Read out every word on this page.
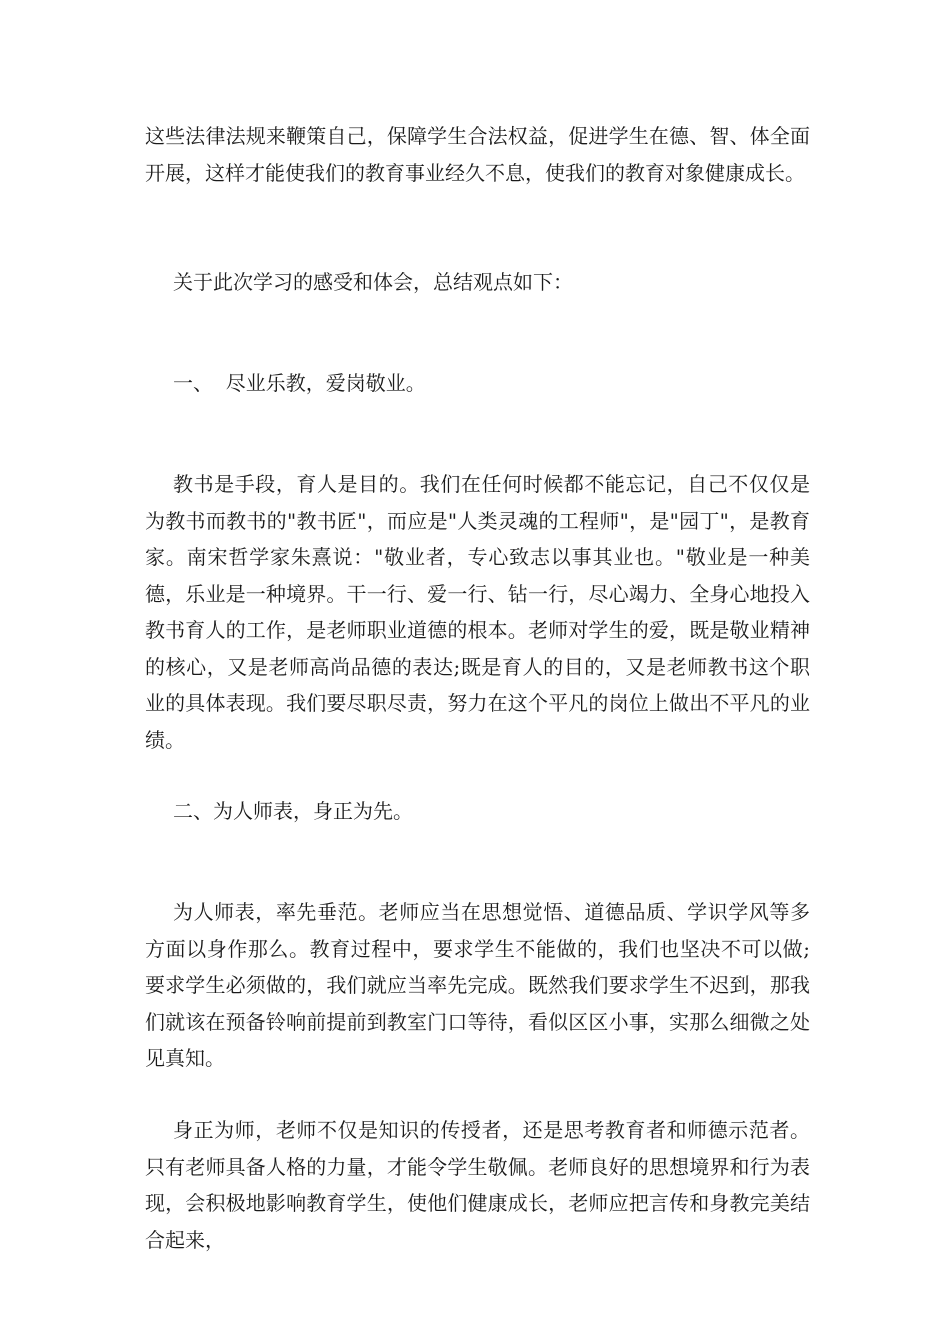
这些法律法规来鞭策自己，保障学生合法权益，促进学生在德、智、体全面开展，这样才能使我们的教育事业经久不息，使我们的教育对象健康成长。

关于此次学习的感受和体会，总结观点如下：

一、  尽业乐教，爱岗敬业。

教书是手段，育人是目的。我们在任何时候都不能忘记，自己不仅仅是为教书而教书的"教书匠"，而应是"人类灵魂的工程师"，是"园丁"，是教育家。南宋哲学家朱熹说："敬业者，专心致志以事其业也。"敬业是一种美德，乐业是一种境界。干一行、爱一行、钻一行，尽心竭力、全身心地投入教书育人的工作，是老师职业道德的根本。老师对学生的爱，既是敬业精神的核心，又是老师高尚品德的表达;既是育人的目的，又是老师教书这个职业的具体表现。我们要尽职尽责，努力在这个平凡的岗位上做出不平凡的业绩。

二、为人师表，身正为先。

为人师表，率先垂范。老师应当在思想觉悟、道德品质、学识学风等多方面以身作那么。教育过程中，要求学生不能做的，我们也坚决不可以做;要求学生必须做的，我们就应当率先完成。既然我们要求学生不迟到，那我们就该在预备铃响前提前到教室门口等待，看似区区小事，实那么细微之处见真知。

身正为师，老师不仅是知识的传授者，还是思考教育者和师德示范者。只有老师具备人格的力量，才能令学生敬佩。老师良好的思想境界和行为表现，会积极地影响教育学生，使他们健康成长，老师应把言传和身教完美结合起来，
